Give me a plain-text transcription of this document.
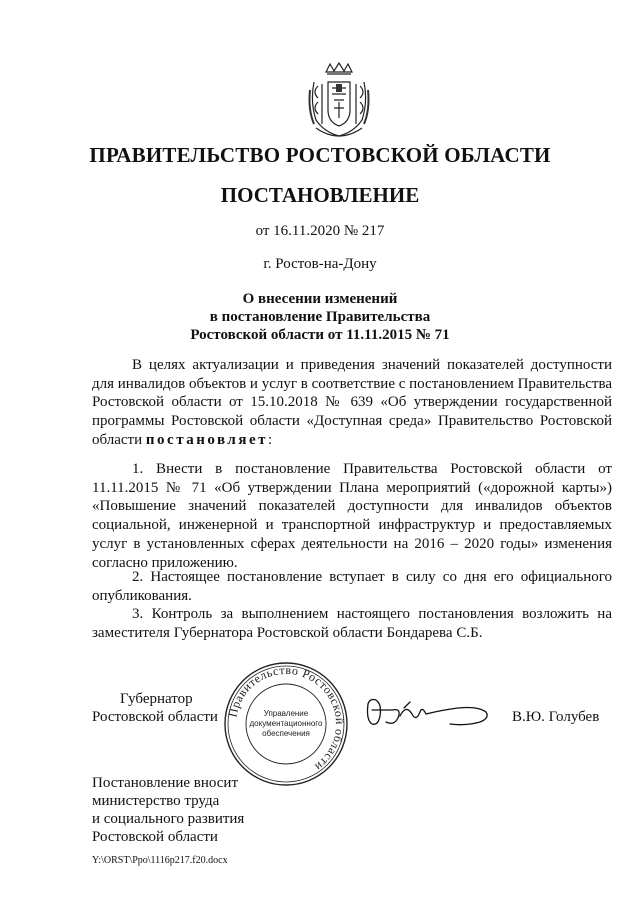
ПРАВИТЕЛЬСТВО РОСТОВСКОЙ ОБЛАСТИ
ПОСТАНОВЛЕНИЕ
от 16.11.2020 № 217
г. Ростов-на-Дону
О внесении изменений
в постановление Правительства
Ростовской области от 11.11.2015 № 71

В целях актуализации и приведения значений показателей доступности для инвалидов объектов и услуг в соответствие с постановлением Правительства Ростовской области от 15.10.2018 № 639 «Об утверждении государственной программы Ростовской области «Доступная среда» Правительство Ростовской области постановляет:

1. Внести в постановление Правительства Ростовской области от 11.11.2015 № 71 «Об утверждении Плана мероприятий («дорожной карты») «Повышение значений показателей доступности для инвалидов объектов социальной, инженерной и транспортной инфраструктур и предоставляемых услуг в установленных сферах деятельности на 2016 – 2020 годы» изменения согласно приложению.

2. Настоящее постановление вступает в силу со дня его официального опубликования.

3. Контроль за выполнением настоящего постановления возложить на заместителя Губернатора Ростовской области Бондарева С.Б.

Губернатор
Ростовской области Правительство Ростовской области
Управление
документационного
обеспечения
В.Ю. Голубев
Постановление вносит
министерство труда
и социального развития
Ростовской области
Y:\ORST\Ppo\1116p217.f20.docx
